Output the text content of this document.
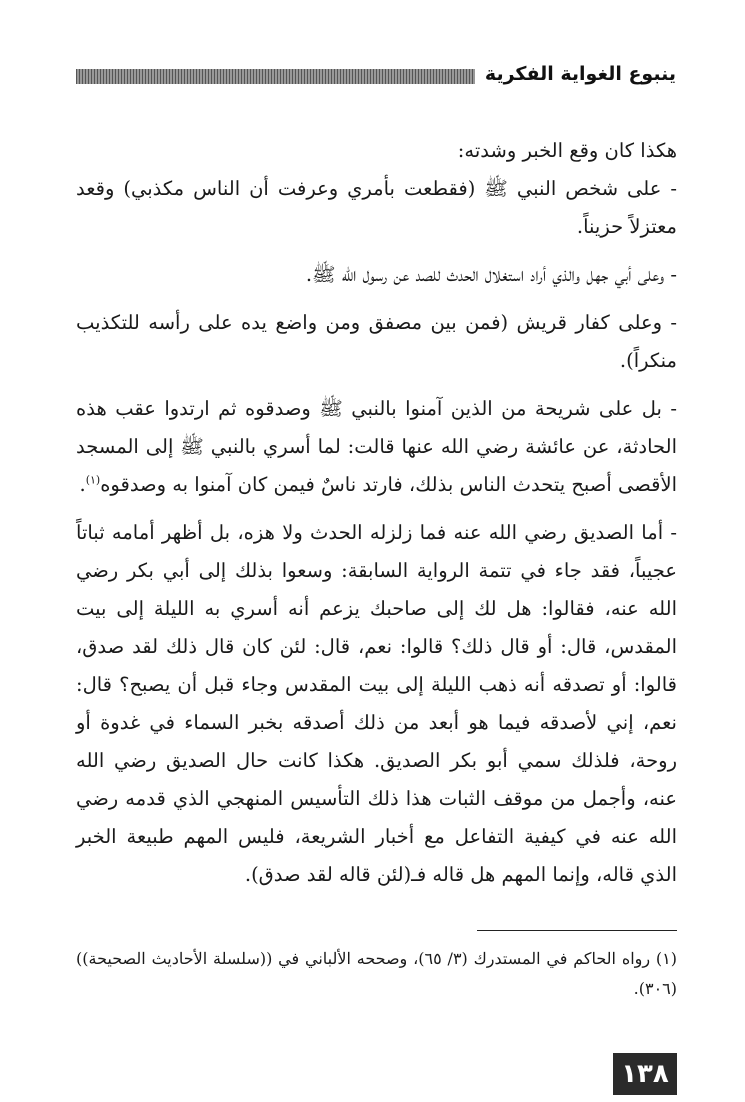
ينبوع الغواية الفكرية

هكذا كان وقع الخبر وشدته:

- على شخص النبي ﷺ (فقطعت بأمري وعرفت أن الناس مكذبي) وقعد معتزلاً حزيناً.

- وعلى أبي جهل والذي أراد استغلال الحدث للصد عن رسول الله ﷺ.

- وعلى كفار قريش (فمن بين مصفق ومن واضع يده على رأسه للتكذيب منكراً).

- بل على شريحة من الذين آمنوا بالنبي ﷺ وصدقوه ثم ارتدوا عقب هذه الحادثة، عن عائشة رضي الله عنها قالت: لما أسري بالنبي ﷺ إلى المسجد الأقصى أصبح يتحدث الناس بذلك، فارتد ناسٌ فيمن كان آمنوا به وصدقوه$^{(١)}$.

- أما الصديق رضي الله عنه فما زلزله الحدث ولا هزه، بل أظهر أمامه ثباتاً عجيباً، فقد جاء في تتمة الرواية السابقة: وسعوا بذلك إلى أبي بكر رضي الله عنه، فقالوا: هل لك إلى صاحبك يزعم أنه أسري به الليلة إلى بيت المقدس، قال: أو قال ذلك؟ قالوا: نعم، قال: لئن كان قال ذلك لقد صدق، قالوا: أو تصدقه أنه ذهب الليلة إلى بيت المقدس وجاء قبل أن يصبح؟ قال: نعم، إني لأصدقه فيما هو أبعد من ذلك أصدقه بخبر السماء في غدوة أو روحة، فلذلك سمي أبو بكر الصديق. هكذا كانت حال الصديق رضي الله عنه، وأجمل من موقف الثبات هذا ذلك التأسيس المنهجي الذي قدمه رضي الله عنه في كيفية التفاعل مع أخبار الشريعة، فليس المهم طبيعة الخبر الذي قاله، وإنما المهم هل قاله فـ(لئن قاله لقد صدق).

(١) رواه الحاكم في المستدرك (٣/ ٦٥)، وصححه الألباني في ((سلسلة الأحاديث الصحيحة)) (٣٠٦).
١٣٨
